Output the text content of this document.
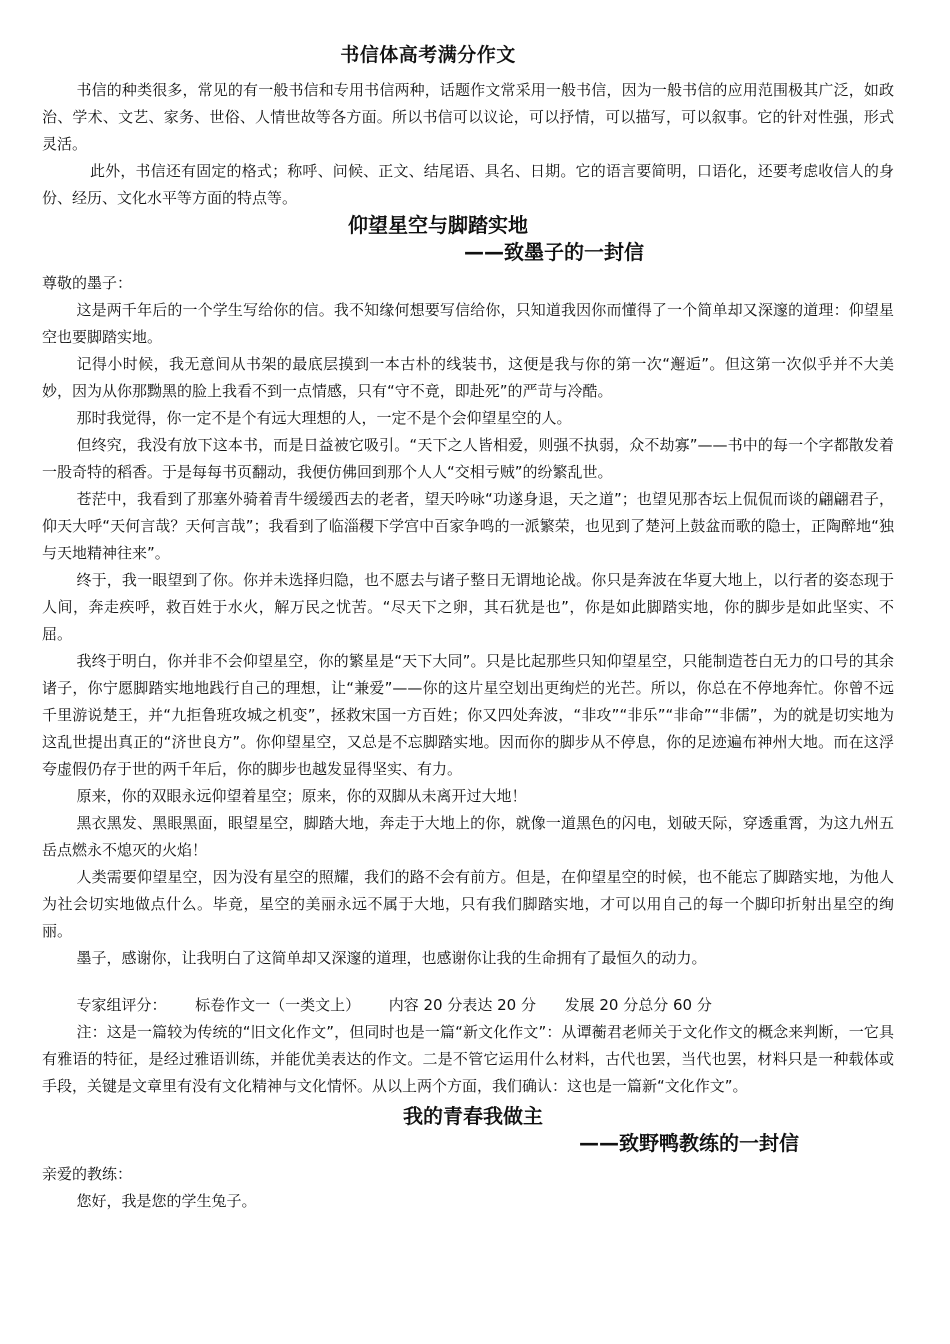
书信体高考满分作文

书信的种类很多，常见的有一般书信和专用书信两种，话题作文常采用一般书信，因为一般书信的应用范围极其广泛，如政治、学术、文艺、家务、世俗、人情世故等各方面。所以书信可以议论，可以抒情，可以描写，可以叙事。它的针对性强，形式灵活。

此外，书信还有固定的格式；称呼、问候、正文、结尾语、具名、日期。它的语言要简明，口语化，还要考虑收信人的身份、经历、文化水平等方面的特点等。

仰望星空与脚踏实地
——致墨子的一封信

尊敬的墨子：

这是两千年后的一个学生写给你的信。我不知缘何想要写信给你，只知道我因你而懂得了一个简单却又深邃的道理：仰望星空也要脚踏实地。

记得小时候，我无意间从书架的最底层摸到一本古朴的线装书，这便是我与你的第一次“邂逅”。但这第一次似乎并不大美妙，因为从你那黝黑的脸上我看不到一点情感，只有“守不竟，即赴死”的严苛与冷酷。

那时我觉得，你一定不是个有远大理想的人，一定不是个会仰望星空的人。

但终究，我没有放下这本书，而是日益被它吸引。“天下之人皆相爱，则强不执弱，众不劫寡”——书中的每一个字都散发着一股奇特的稻香。于是每每书页翻动，我便仿佛回到那个人人“交相亏贼”的纷繁乱世。

苍茫中，我看到了那塞外骑着青牛缓缓西去的老者，望天吟咏“功遂身退，天之道”；也望见那杏坛上侃侃而谈的翩翩君子，仰天大呼“天何言哉？天何言哉”；我看到了临淄稷下学宫中百家争鸣的一派繁荣，也见到了楚河上鼓盆而歌的隐士，正陶醉地“独与天地精神往来”。

终于，我一眼望到了你。你并未选择归隐，也不愿去与诸子整日无谓地论战。你只是奔波在华夏大地上，以行者的姿态现于人间，奔走疾呼，救百姓于水火，解万民之忧苦。“尽天下之卵，其石犹是也”，你是如此脚踏实地，你的脚步是如此坚实、不屈。

我终于明白，你并非不会仰望星空，你的繁星是“天下大同”。只是比起那些只知仰望星空，只能制造苍白无力的口号的其余诸子，你宁愿脚踏实地地践行自己的理想，让“兼爱”——你的这片星空划出更绚烂的光芒。所以，你总在不停地奔忙。你曾不远千里游说楚王，并“九拒鲁班攻城之机变”，拯救宋国一方百姓；你又四处奔波，“非攻”“非乐”“非命”“非儒”，为的就是切实地为这乱世提出真正的“济世良方”。你仰望星空，又总是不忘脚踏实地。因而你的脚步从不停息，你的足迹遍布神州大地。而在这浮夸虚假仍存于世的两千年后，你的脚步也越发显得坚实、有力。

原来，你的双眼永远仰望着星空；原来，你的双脚从未离开过大地！

黑衣黑发、黑眼黑面，眼望星空，脚踏大地，奔走于大地上的你，就像一道黑色的闪电，划破天际，穿透重霄，为这九州五岳点燃永不熄灭的火焰！

人类需要仰望星空，因为没有星空的照耀，我们的路不会有前方。但是，在仰望星空的时候，也不能忘了脚踏实地，为他人为社会切实地做点什么。毕竟，星空的美丽永远不属于大地，只有我们脚踏实地，才可以用自己的每一个脚印折射出星空的绚丽。

墨子，感谢你，让我明白了这简单却又深邃的道理，也感谢你让我的生命拥有了最恒久的动力。

专家组评分：      标卷作文一（一类文上）      内容 20 分表达 20 分      发展 20 分总分 60 分

注：这是一篇较为传统的“旧文化作文”，但同时也是一篇“新文化作文”：从谭蘅君老师关于文化作文的概念来判断，一它具有雅语的特征，是经过雅语训练，并能优美表达的作文。二是不管它运用什么材料，古代也罢，当代也罢，材料只是一种载体或手段，关键是文章里有没有文化精神与文化情怀。从以上两个方面，我们确认：这也是一篇新“文化作文”。

我的青春我做主
——致野鸭教练的一封信

亲爱的教练：

您好，我是您的学生兔子。
